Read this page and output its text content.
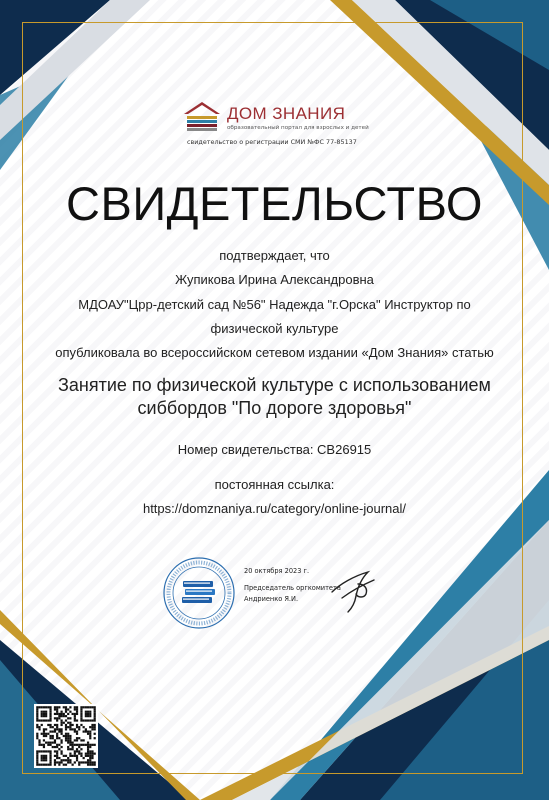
ДОМ ЗНАНИЯ
образовательный портал для взрослых и детей
свидетельство о регистрации СМИ №ФС 77-85137
СВИДЕТЕЛЬСТВО
подтверждает, что
Жупикова Ирина Александровна
МДОАУ"Црр-детский сад №56" Надежда "г.Орска" Инструктор по
физической культуре
опубликовала во всероссийском сетевом издании «Дом Знания» статью
Занятие по физической культуре с использованием
сиббордов "По дороге здоровья"
Номер свидетельства: СВ26915
постоянная ссылка:
https://domznaniya.ru/category/online-journal/
20 октября 2023 г.
Председатель оргкомитета
Андриенко Я.И.
